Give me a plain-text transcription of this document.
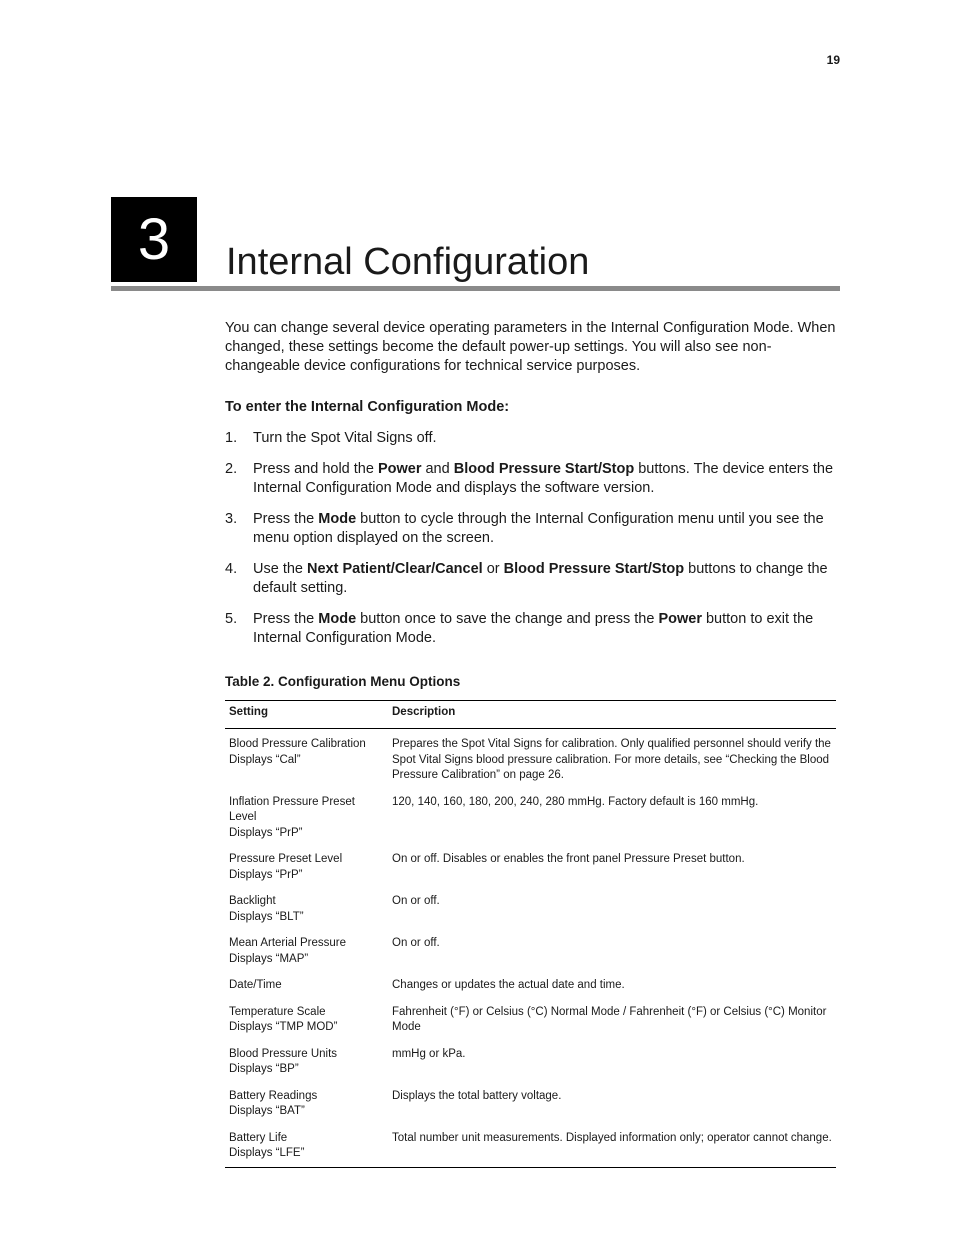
19
3	Internal Configuration

You can change several device operating parameters in the Internal Configuration Mode. When changed, these settings become the default power-up settings. You will also see non-changeable device configurations for technical service purposes.

To enter the Internal Configuration Mode:

1. Turn the Spot Vital Signs off.
2. Press and hold the Power and Blood Pressure Start/Stop buttons. The device enters the Internal Configuration Mode and displays the software version.
3. Press the Mode button to cycle through the Internal Configuration menu until you see the menu option displayed on the screen.
4. Use the Next Patient/Clear/Cancel or Blood Pressure Start/Stop buttons to change the default setting.
5. Press the Mode button once to save the change and press the Power button to exit the Internal Configuration Mode.

Table 2. Configuration Menu Options

Setting	Description

Blood Pressure Calibration
Displays “Cal”	Prepares the Spot Vital Signs for calibration. Only qualified personnel should verify the Spot Vital Signs blood pressure calibration. For more details, see “Checking the Blood Pressure Calibration” on page 26.

Inflation Pressure Preset Level
Displays “PrP”	120, 140, 160, 180, 200, 240, 280 mmHg. Factory default is 160 mmHg.

Pressure Preset Level
Displays “PrP”	On or off. Disables or enables the front panel Pressure Preset button.

Backlight
Displays “BLT”	On or off.

Mean Arterial Pressure
Displays “MAP”	On or off.

Date/Time	Changes or updates the actual date and time.

Temperature Scale
Displays “TMP MOD”	Fahrenheit (°F) or Celsius (°C) Normal Mode / Fahrenheit (°F) or Celsius (°C) Monitor Mode

Blood Pressure Units
Displays “BP”	mmHg or kPa.

Battery Readings
Displays “BAT”	Displays the total battery voltage.

Battery Life
Displays “LFE”	Total number unit measurements. Displayed information only; operator cannot change.
